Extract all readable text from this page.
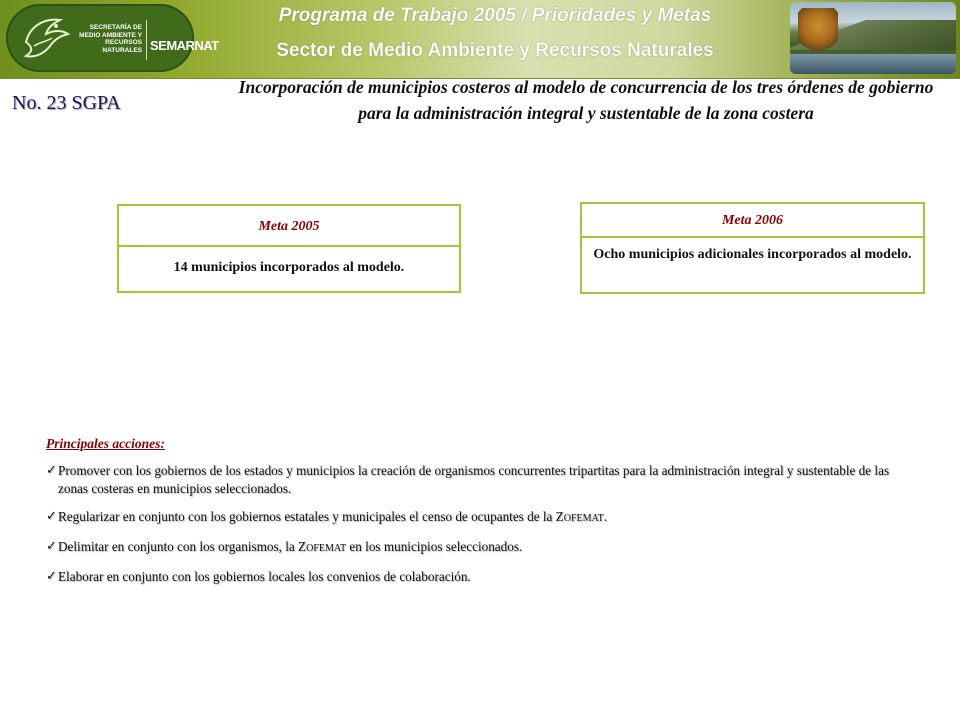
SECRETARÍA DE
MEDIO AMBIENTE Y
RECURSOS NATURALES SEMARNAT
Programa de Trabajo 2005 / Prioridades y Metas
Sector de Medio Ambiente y Recursos Naturales
No. 23 SGPA
Incorporación de municipios costeros al modelo de concurrencia de los tres órdenes de gobierno para la administración integral y sustentable de la zona costera
Meta 2005
14 municipios incorporados al modelo.
Meta 2006
Ocho municipios adicionales incorporados al modelo.
Principales acciones:
✓ Promover con los gobiernos de los estados y municipios la creación de organismos concurrentes tripartitas para la administración integral y sustentable de las zonas costeras en municipios seleccionados.
✓ Regularizar en conjunto con los gobiernos estatales y municipales el censo de ocupantes de la ZOFEMAT.
✓ Delimitar en conjunto con los organismos, la ZOFEMAT en los municipios seleccionados.
✓ Elaborar en conjunto con los gobiernos locales los convenios de colaboración.
